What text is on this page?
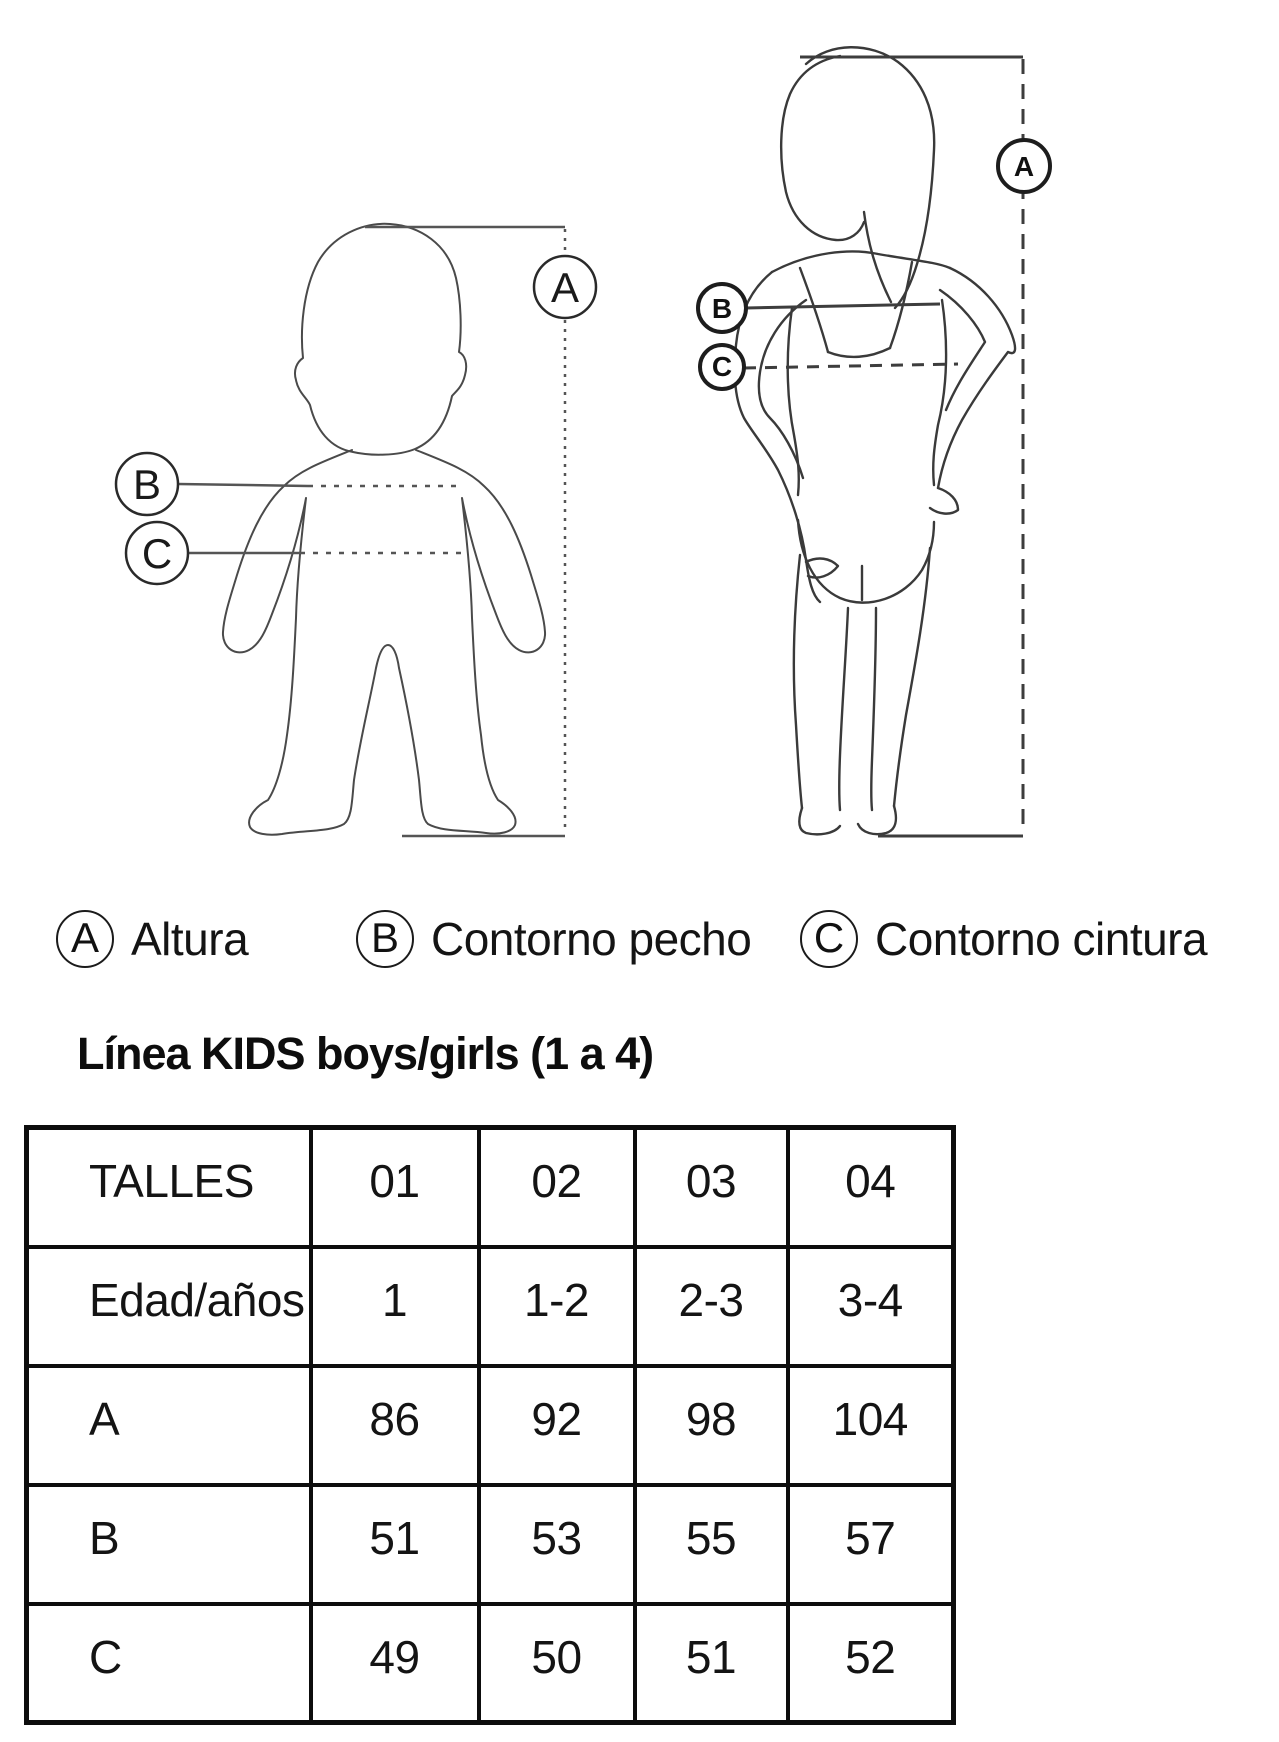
A
B
C
A
B
C
A Altura	B Contorno pecho C Contorno cintura
Línea KIDS boys/girls (1 a 4)
TALLES	01	02	03	04
Edad/años	1	1-2	2-3	3-4
A	86	92	98	104
B	51	53	55	57
C	49	50	51	52
